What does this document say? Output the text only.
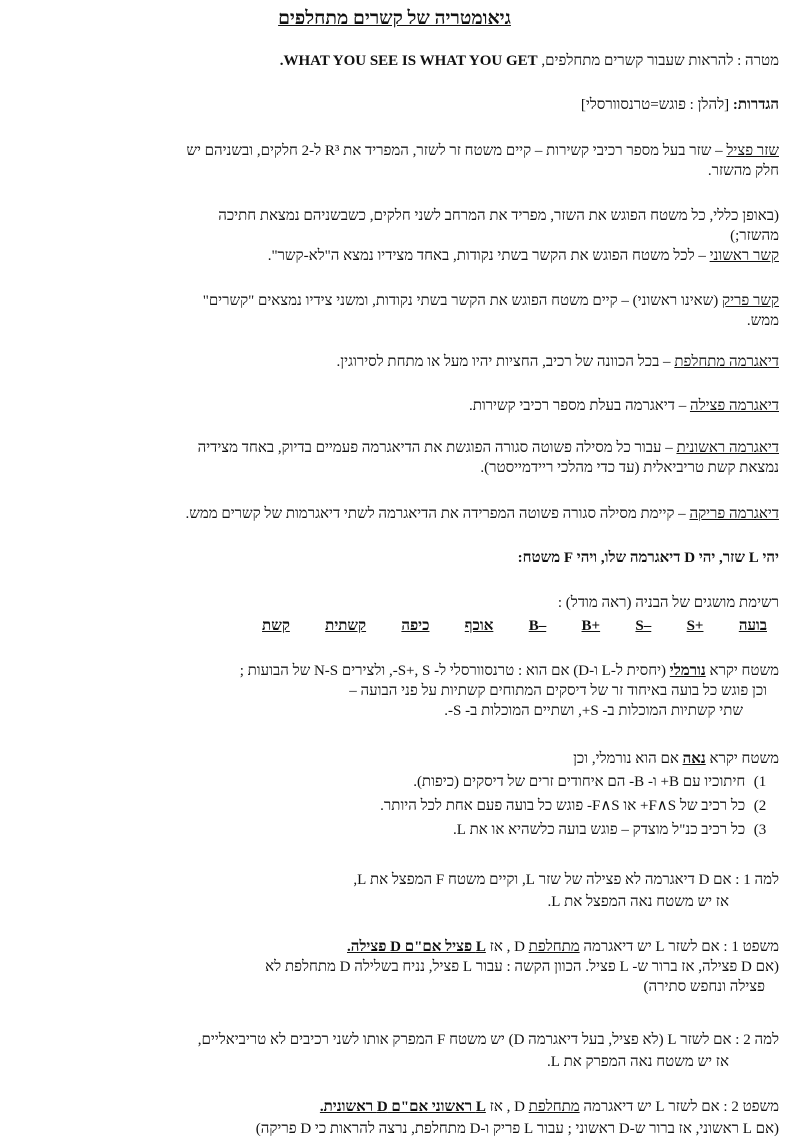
גיאומטריה של קשרים מתחלפים
מטרה : להראות שעבור קשרים מתחלפים, WHAT YOU SEE IS WHAT YOU GET.
הגדרות: [להלן : פוגש=טרנסוורסלי]
שזר פציל – שזר בעל מספר רכיבי קשירות – קיים משטח זר לשזר, המפריד את R³ ל-2 חלקים, ובשניהם יש
חלק מהשזר.
(באופן כללי, כל משטח הפוגש את השזר, מפריד את המרחב לשני חלקים, כשבשניהם נמצאת חתיכה
מהשזר;)
קשר ראשוני – לכל משטח הפוגש את הקשר בשתי נקודות, באחד מצידיו נמצא ה"לא-קשר".
קשר פריק (שאינו ראשוני) – קיים משטח הפוגש את הקשר בשתי נקודות, ומשני צידיו נמצאים "קשרים"
ממש.
דיאגרמה מתחלפת – בכל הכוונה של רכיב, החציות יהיו מעל או מתחת לסירוגין.
דיאגרמה פצילה – דיאגרמה בעלת מספר רכיבי קשירות.
דיאגרמה ראשונית – עבור כל מסילה פשוטה סגורה הפוגשת את הדיאגרמה פעמיים בדיוק, באחד מצידיה
נמצאת קשת טריביאלית (עד כדי מהלכי ריידמייסטר).
דיאגרמה פריקה – קיימת מסילה סגורה פשוטה המפרידה את הדיאגרמה לשתי דיאגרמות של קשרים ממש.
יהי L שזר, יהי D דיאגרמה שלו, ויהי F משטח:
רשימת מושגים של הבניה (ראה מודל) :
בועה
S+
S–
B+
B–
אוכף
כיפה
קשתית
קשת
משטח יקרא נורמלי (יחסית ל-L ו-D) אם הוא : טרנסוורסלי ל- S+, S-, ולצירים N-S של הבועות ;
וכן פוגש כל בועה באיחוד זר של דיסקים המתוחים קשתיות על פני הבועה –
שתי קשתיות המוכלות ב- S+, ושתיים המוכלות ב- S-.
משטח יקרא נאה אם הוא נורמלי, וכן
1) חיתוכיו עם B+ ו- B- הם איחודים זרים של דיסקים (כיפות).
2) כל רכיב של F∧S+ או F∧S- פוגש כל בועה פעם אחת לכל היותר.
3) כל רכיב כנ"ל מוצדק – פוגש בועה כלשהיא או את L.
למה 1 : אם D דיאגרמה לא פצילה של שזר L, וקיים משטח F המפצל את L,
אז יש משטח נאה המפצל את L.
משפט 1 : אם לשזר L יש דיאגרמה מתחלפת D , אז L פציל אם"ם D פצילה.
(אם D פצילה, אז ברור ש- L פציל. הכוון הקשה : עבור L פציל, נניח בשלילה D מתחלפת לא
פצילה ונחפש סתירה)
למה 2 : אם לשזר L (לא פציל, בעל דיאגרמה D) יש משטח F המפרק אותו לשני רכיבים לא טריביאליים,
אז יש משטח נאה המפרק את L.
משפט 2 : אם לשזר L יש דיאגרמה מתחלפת D , אז L ראשוני אם"ם D ראשונית.
(אם L ראשוני, אז ברור ש-D ראשוני ; עבור L פריק ו-D מתחלפת, נרצה להראות כי D פריקה)
